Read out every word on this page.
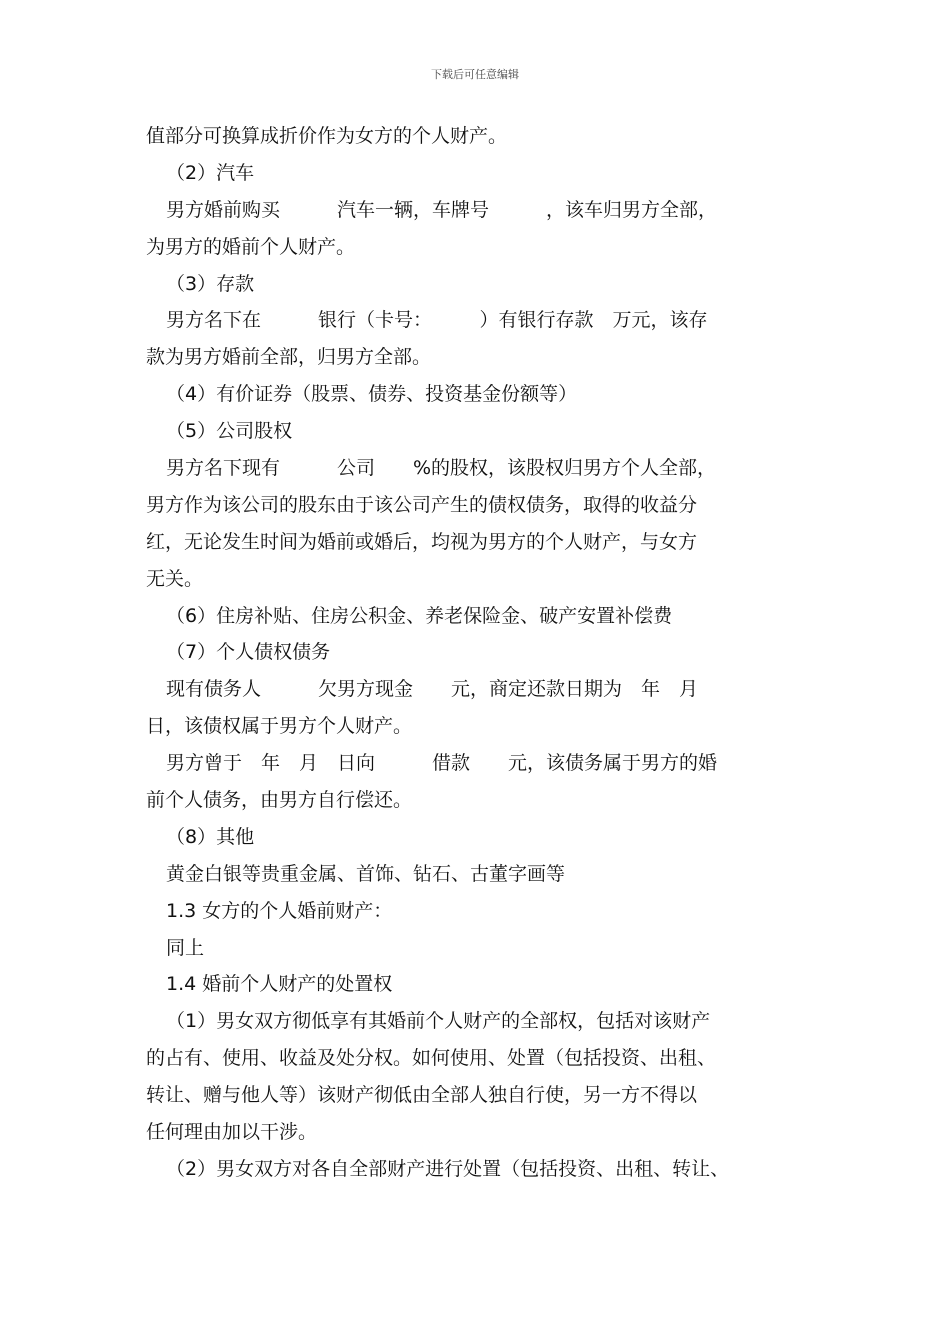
下载后可任意编辑
值部分可换算成折价作为女方的个人财产。
（2）汽车
男方婚前购买　　　汽车一辆，车牌号　　　，该车归男方全部，
为男方的婚前个人财产。
（3）存款
男方名下在　　　银行（卡号：　　　）有银行存款　万元，该存
款为男方婚前全部，归男方全部。
（4）有价证券（股票、债券、投资基金份额等）
（5）公司股权
男方名下现有　　　公司　　%的股权，该股权归男方个人全部，
男方作为该公司的股东由于该公司产生的债权债务，取得的收益分
红，无论发生时间为婚前或婚后，均视为男方的个人财产，与女方
无关。
（6）住房补贴、住房公积金、养老保险金、破产安置补偿费
（7）个人债权债务
现有债务人　　　欠男方现金　　元，商定还款日期为　年　月
日，该债权属于男方个人财产。
男方曾于　年　月　日向　　　借款　　元，该债务属于男方的婚
前个人债务，由男方自行偿还。
（8）其他
黄金白银等贵重金属、首饰、钻石、古董字画等
1.3 女方的个人婚前财产：
同上
1.4 婚前个人财产的处置权
（1）男女双方彻低享有其婚前个人财产的全部权，包括对该财产
的占有、使用、收益及处分权。如何使用、处置（包括投资、出租、
转让、赠与他人等）该财产彻低由全部人独自行使，另一方不得以
任何理由加以干涉。
（2）男女双方对各自全部财产进行处置（包括投资、出租、转让、
